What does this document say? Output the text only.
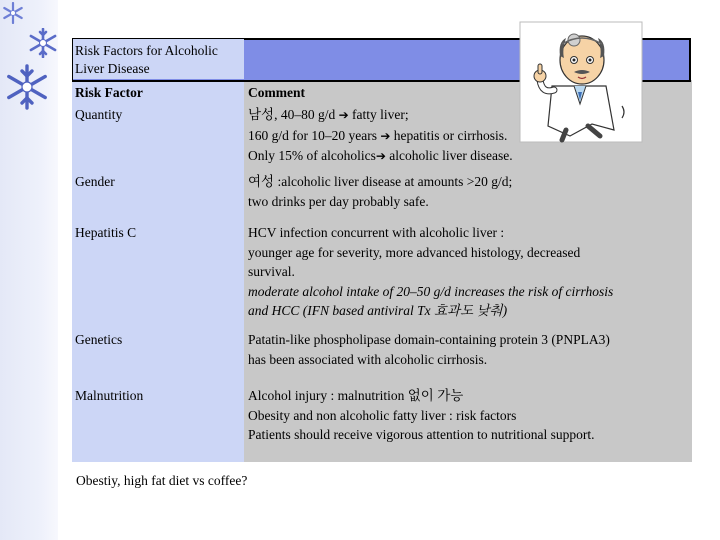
Risk Factors for Alcoholic
Liver Disease
Risk Factor	Comment
Quantity	남성, 40–80 g/d ➔ fatty liver;
160 g/d for 10–20 years ➔ hepatitis or cirrhosis.
Only 15% of alcoholics➔ alcoholic liver disease.
Gender	여성 :alcoholic liver disease at amounts >20 g/d;
two drinks per day probably safe.
Hepatitis C	HCV infection concurrent with alcoholic liver :
younger age for severity, more advanced histology, decreased
survival.
moderate alcohol intake of 20–50 g/d increases the risk of cirrhosis
and HCC (IFN based antiviral Tx 효과도 낮춰)
Genetics	Patatin-like phospholipase domain-containing protein 3 (PNPLA3)
has been associated with alcoholic cirrhosis.
Malnutrition	Alcohol injury : malnutrition 없이 가능
Obesity and non alcoholic fatty liver : risk factors
Patients should receive vigorous attention to nutritional support.
Obestiy, high fat diet vs coffee?
